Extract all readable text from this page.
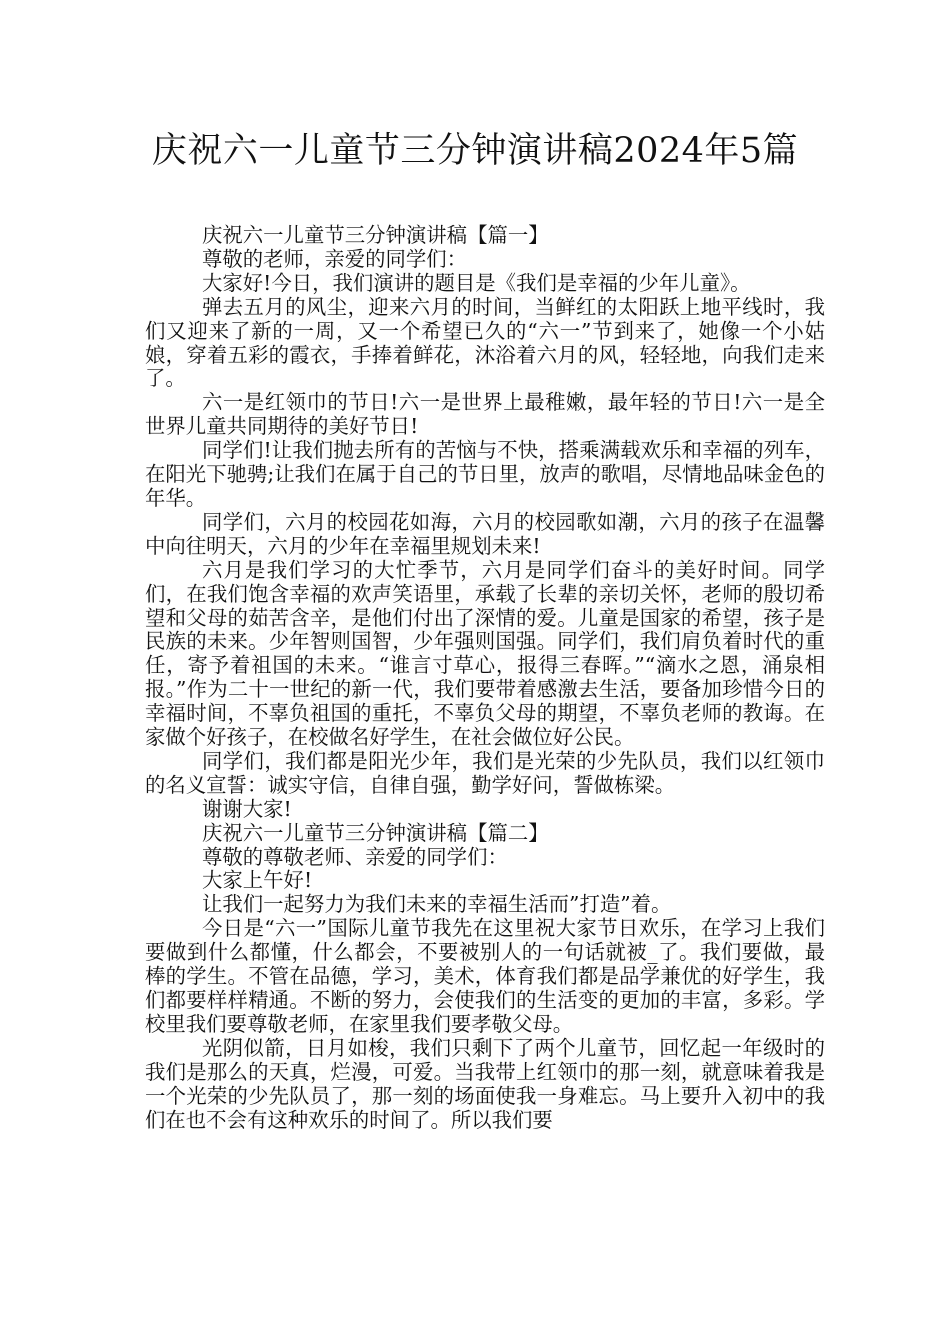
庆祝六一儿童节三分钟演讲稿2024年5篇

庆祝六一儿童节三分钟演讲稿【篇一】

尊敬的老师，亲爱的同学们：

大家好!今日，我们演讲的题目是《我们是幸福的少年儿童》。

弹去五月的风尘，迎来六月的时间，当鲜红的太阳跃上地平线时，我们又迎来了新的一周，又一个希望已久的“六一”节到来了，她像一个小姑娘，穿着五彩的霞衣，手捧着鲜花，沐浴着六月的风，轻轻地，向我们走来了。

六一是红领巾的节日!六一是世界上最稚嫩，最年轻的节日!六一是全世界儿童共同期待的美好节日!

同学们!让我们抛去所有的苦恼与不快，搭乘满载欢乐和幸福的列车，在阳光下驰骋;让我们在属于自己的节日里，放声的歌唱，尽情地品味金色的年华。

同学们，六月的校园花如海，六月的校园歌如潮，六月的孩子在温馨中向往明天，六月的少年在幸福里规划未来!

六月是我们学习的大忙季节，六月是同学们奋斗的美好时间。同学们，在我们饱含幸福的欢声笑语里，承载了长辈的亲切关怀，老师的殷切希望和父母的茹苦含辛，是他们付出了深情的爱。儿童是国家的希望，孩子是民族的未来。少年智则国智，少年强则国强。同学们，我们肩负着时代的重任，寄予着祖国的未来。“谁言寸草心，报得三春晖。”“滴水之恩，涌泉相报。”作为二十一世纪的新一代，我们要带着感激去生活，要备加珍惜今日的幸福时间，不辜负祖国的重托，不辜负父母的期望，不辜负老师的教诲。在家做个好孩子，在校做名好学生，在社会做位好公民。

同学们，我们都是阳光少年，我们是光荣的少先队员，我们以红领巾的名义宣誓：诚实守信，自律自强，勤学好问，誓做栋梁。

谢谢大家!

庆祝六一儿童节三分钟演讲稿【篇二】

尊敬的尊敬老师、亲爱的同学们：

大家上午好!

让我们一起努力为我们未来的幸福生活而”打造”着。

今日是“六一”国际儿童节我先在这里祝大家节日欢乐，在学习上我们要做到什么都懂，什么都会，不要被别人的一句话就被_了。我们要做，最棒的学生。不管在品德，学习，美术，体育我们都是品学兼优的好学生，我们都要样样精通。不断的努力，会使我们的生活变的更加的丰富，多彩。学校里我们要尊敬老师，在家里我们要孝敬父母。

光阴似箭，日月如梭，我们只剩下了两个儿童节，回忆起一年级时的我们是那么的天真，烂漫，可爱。当我带上红领巾的那一刻，就意味着我是一个光荣的少先队员了，那一刻的场面使我一身难忘。马上要升入初中的我们在也不会有这种欢乐的时间了。所以我们要
